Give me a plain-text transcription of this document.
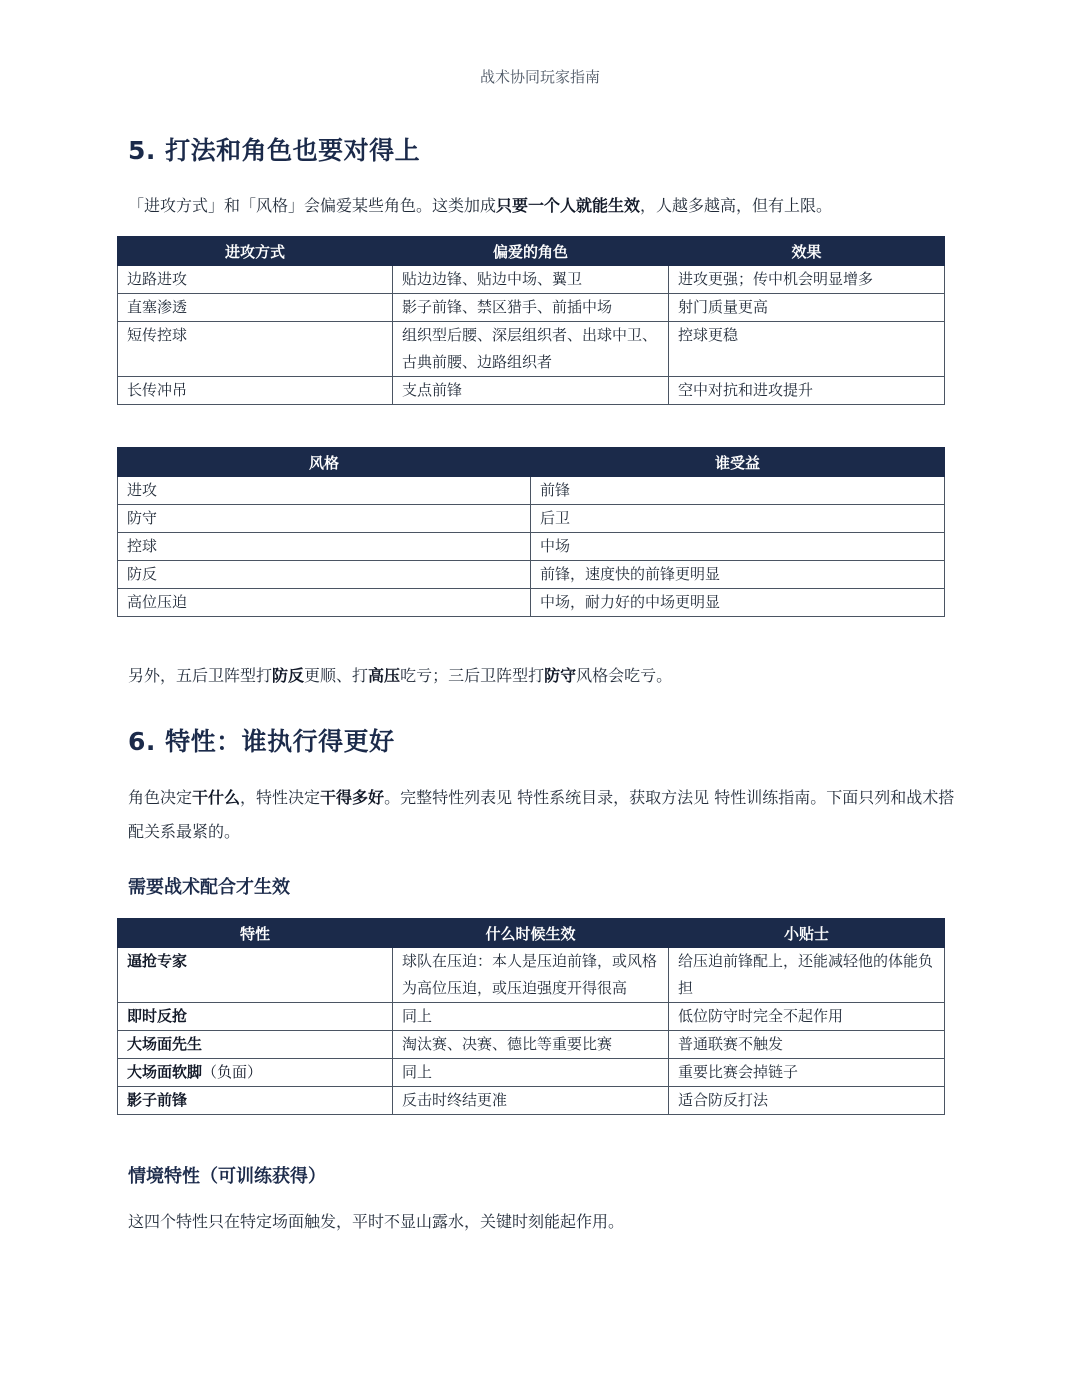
战术协同玩家指南
5. 打法和角色也要对得上

「进攻方式」和「风格」会偏爱某些角色。这类加成只要一个人就能生效，人越多越高，但有上限。

进攻方式	偏爱的角色	效果
边路进攻	贴边边锋、贴边中场、翼卫	进攻更强；传中机会明显增多
直塞渗透	影子前锋、禁区猎手、前插中场	射门质量更高
短传控球	组织型后腰、深层组织者、出球中卫、古典前腰、边路组织者	控球更稳
长传冲吊	支点前锋	空中对抗和进攻提升
风格	谁受益
进攻	前锋
防守	后卫
控球	中场
防反	前锋，速度快的前锋更明显
高位压迫	中场，耐力好的中场更明显

另外，五后卫阵型打防反更顺、打高压吃亏；三后卫阵型打防守风格会吃亏。

6. 特性：谁执行得更好

角色决定干什么，特性决定干得多好。完整特性列表见 特性系统目录，获取方法见 特性训练指南。下面只列和战术搭配关系最紧的。

需要战术配合才生效
特性	什么时候生效	小贴士
逼抢专家	球队在压迫：本人是压迫前锋，或风格为高位压迫，或压迫强度开得很高	给压迫前锋配上，还能减轻他的体能负担
即时反抢	同上	低位防守时完全不起作用
大场面先生	淘汰赛、决赛、德比等重要比赛	普通联赛不触发
大场面软脚（负面）	同上	重要比赛会掉链子
影子前锋	反击时终结更准	适合防反打法
情境特性（可训练获得）

这四个特性只在特定场面触发，平时不显山露水，关键时刻能起作用。
